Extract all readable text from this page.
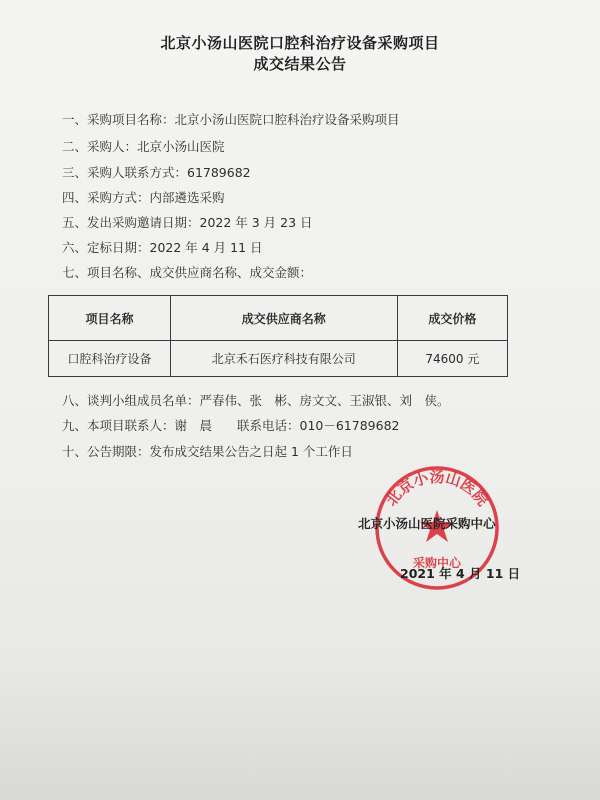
北京小汤山医院口腔科治疗设备采购项目
成交结果公告
一、采购项目名称：北京小汤山医院口腔科治疗设备采购项目
二、采购人：北京小汤山医院
三、采购人联系方式：61789682
四、采购方式：内部遴选采购
五、发出采购邀请日期：2022 年 3 月 23 日
六、定标日期：2022 年 4 月 11 日
七、项目名称、成交供应商名称、成交金额：
项目名称	成交供应商名称	成交价格
口腔科治疗设备	北京禾石医疗科技有限公司	74600 元
八、谈判小组成员名单：严春伟、张　彬、房文文、王淑银、刘　侠。
九、本项目联系人：谢　晨　　联系电话：010－61789682
十、公告期限：发布成交结果公告之日起 1 个工作日
北京小汤山医院
采购中心
北京小汤山医院采购中心
2021 年 4 月 11 日
